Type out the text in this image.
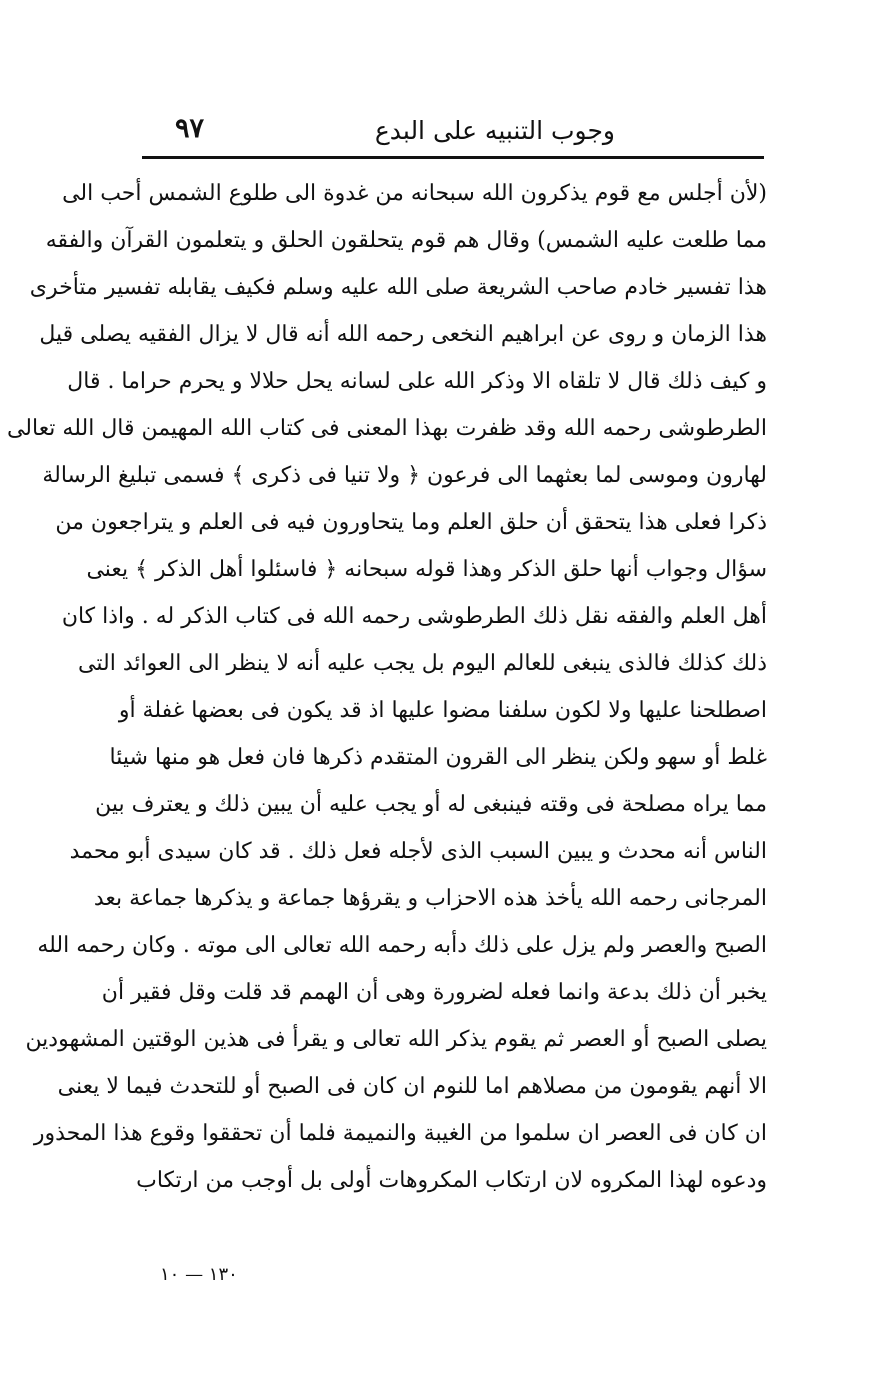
وجوب التنبيه على البدع
٩٧
(لأن أجلس مع قوم يذكرون الله سبحانه من غدوة الى طلوع الشمس أحب الى
مما طلعت عليه الشمس) وقال هم قوم يتحلقون الحلق و يتعلمون القرآن والفقه
هذا تفسير خادم صاحب الشريعة صلى الله عليه وسلم فكيف يقابله تفسير متأخرى
هذا الزمان و روى عن ابراهيم النخعى رحمه الله أنه قال لا يزال الفقيه يصلى قيل
و كيف ذلك قال لا تلقاه الا وذكر الله على لسانه يحل حلالا و يحرم حراما . قال
الطرطوشى رحمه الله وقد ظفرت بهذا المعنى فى كتاب الله المهيمن قال الله تعالى
لهارون وموسى لما بعثهما الى فرعون ﴿ ولا تنيا فى ذكرى ﴾ فسمى تبليغ الرسالة
ذكرا فعلى هذا يتحقق أن حلق العلم وما يتحاورون فيه فى العلم و يتراجعون من
سؤال وجواب أنها حلق الذكر وهذا قوله سبحانه ﴿ فاسئلوا أهل الذكر ﴾ يعنى
أهل العلم والفقه نقل ذلك الطرطوشى رحمه الله فى كتاب الذكر له . واذا كان
ذلك كذلك فالذى ينبغى للعالم اليوم بل يجب عليه أنه لا ينظر الى العوائد التى
اصطلحنا عليها ولا لكون سلفنا مضوا عليها اذ قد يكون فى بعضها غفلة أو
غلط أو سهو ولكن ينظر الى القرون المتقدم ذكرها فان فعل هو منها شيئا
مما يراه مصلحة فى وقته فينبغى له أو يجب عليه أن يبين ذلك و يعترف بين
الناس أنه محدث و يبين السبب الذى لأجله فعل ذلك . قد كان سيدى أبو محمد
المرجانى رحمه الله يأخذ هذه الاحزاب و يقرؤها جماعة و يذكرها جماعة بعد
الصبح والعصر ولم يزل على ذلك دأبه رحمه الله تعالى الى موته . وكان رحمه الله
يخبر أن ذلك بدعة وانما فعله لضرورة وهى أن الهمم قد قلت وقل فقير أن
يصلى الصبح أو العصر ثم يقوم يذكر الله تعالى و يقرأ فى هذين الوقتين المشهودين
الا أنهم يقومون من مصلاهم اما للنوم ان كان فى الصبح أو للتحدث فيما لا يعنى
ان كان فى العصر ان سلموا من الغيبة والنميمة فلما أن تحققوا وقوع هذا المحذور
ودعوه لهذا المكروه لان ارتكاب المكروهات أولى بل أوجب من ارتكاب
١٣٠ — ١٠
